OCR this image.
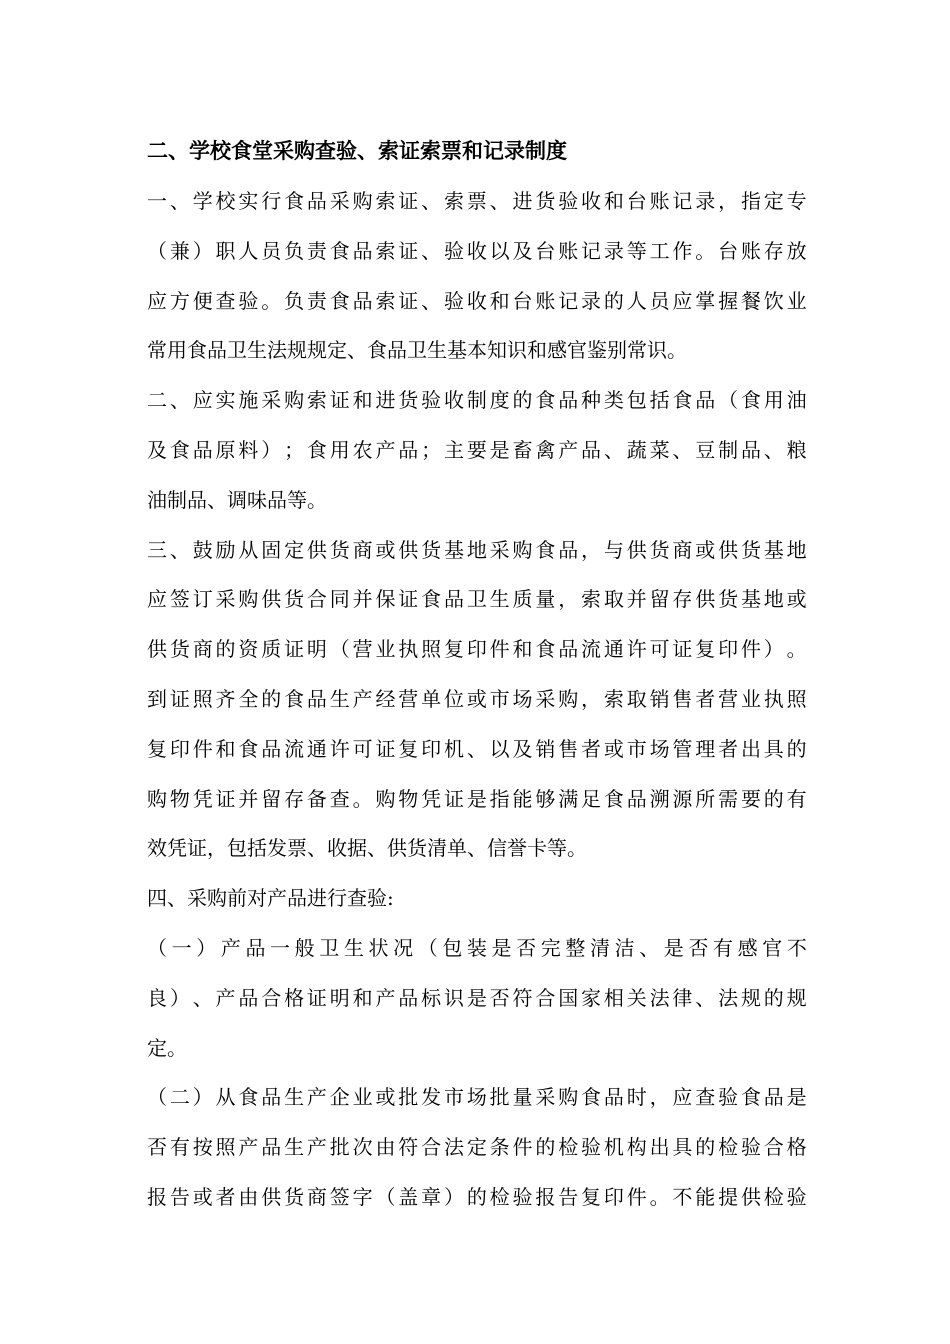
二、学校食堂采购查验、索证索票和记录制度
一 、 学 校 实 行 食 品 采 购 索 证 、 索 票 、 进 货 验 收 和 台 账 记 录 ， 指 定 专
（ 兼 ） 职 人 员 负 责 食 品 索 证 、 验 收 以 及 台 账 记 录 等 工 作 。 台 账 存 放
应 方 便 查 验 。 负 责 食 品 索 证 、 验 收 和 台 账 记 录 的 人 员 应 掌 握 餐 饮 业
常用食品卫生法规规定、食品卫生基本知识和感官鉴别常识。
二 、 应 实 施 采 购 索 证 和 进 货 验 收 制 度 的 食 品 种 类 包 括 食 品 （ 食 用 油
及 食 品 原 料 ） ； 食 用 农 产 品 ； 主 要 是 畜 禽 产 品 、 蔬 菜 、 豆 制 品 、 粮
油制品、调味品等。
三 、 鼓 励 从 固 定 供 货 商 或 供 货 基 地 采 购 食 品 ， 与 供 货 商 或 供 货 基 地
应 签 订 采 购 供 货 合 同 并 保 证 食 品 卫 生 质 量 ， 索 取 并 留 存 供 货 基 地 或
供 货 商 的 资 质 证 明 （ 营 业 执 照 复 印 件 和 食 品 流 通 许 可 证 复 印 件 ） 。
到 证 照 齐 全 的 食 品 生 产 经 营 单 位 或 市 场 采 购 ， 索 取 销 售 者 营 业 执 照
复 印 件 和 食 品 流 通 许 可 证 复 印 机 、 以 及 销 售 者 或 市 场 管 理 者 出 具 的
购 物 凭 证 并 留 存 备 查 。 购 物 凭 证 是 指 能 够 满 足 食 品 溯 源 所 需 要 的 有
效凭证，包括发票、收据、供货清单、信誉卡等。
四、采购前对产品进行查验:
（ 一 ） 产 品 一 般 卫 生 状 况 （ 包 装 是 否 完 整 清 洁 、 是 否 有 感 官 不
良 ） 、 产 品 合 格 证 明 和 产 品 标 识 是 否 符 合 国 家 相 关 法 律 、 法 规 的 规
定。
（ 二 ） 从 食 品 生 产 企 业 或 批 发 市 场 批 量 采 购 食 品 时 ， 应 查 验 食 品 是
否 有 按 照 产 品 生 产 批 次 由 符 合 法 定 条 件 的 检 验 机 构 出 具 的 检 验 合 格
报 告 或 者 由 供 货 商 签 字 （ 盖 章 ） 的 检 验 报 告 复 印 件 。 不 能 提 供 检 验
